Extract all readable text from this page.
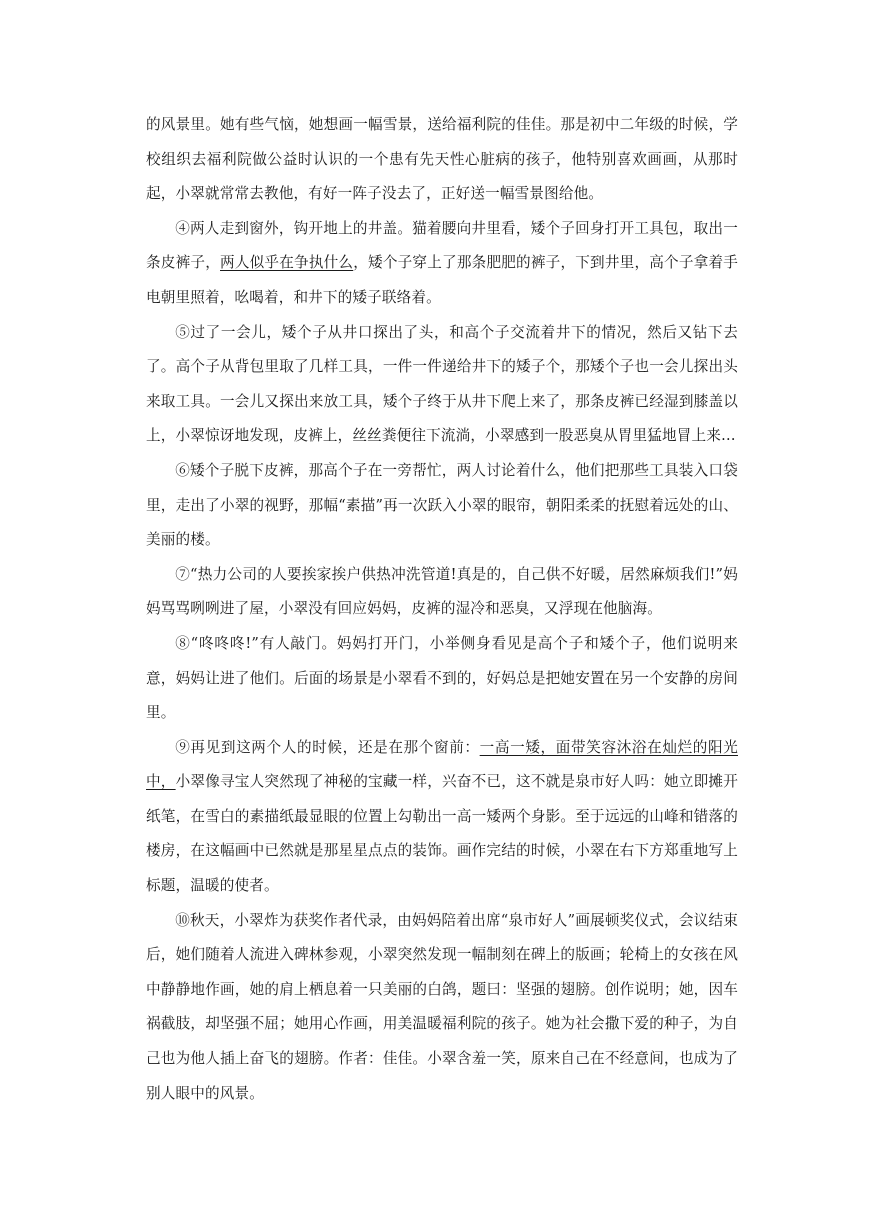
的风景里。她有些气恼，她想画一幅雪景，送给福利院的佳佳。那是初中二年级的时候，学校组织去福利院做公益时认识的一个患有先天性心脏病的孩子，他特别喜欢画画，从那时起，小翠就常常去教他，有好一阵子没去了，正好送一幅雪景图给他。

④两人走到窗外，钩开地上的井盖。猫着腰向井里看，矮个子回身打开工具包，取出一条皮裤子，两人似乎在争执什么，矮个子穿上了那条肥肥的裤子，下到井里，高个子拿着手电朝里照着，吆喝着，和井下的矮子联络着。

⑤过了一会儿，矮个子从井口探出了头，和高个子交流着井下的情况，然后又钻下去了。高个子从背包里取了几样工具，一件一件递给井下的矮子个，那矮个子也一会儿探出头来取工具。一会儿又探出来放工具，矮个子终于从井下爬上来了，那条皮裤已经湿到膝盖以上，小翠惊讶地发现，皮裤上，丝丝粪便往下流淌，小翠感到一股恶臭从胃里猛地冒上来…

⑥矮个子脱下皮裤，那高个子在一旁帮忙，两人讨论着什么，他们把那些工具装入口袋里，走出了小翠的视野，那幅“素描”再一次跃入小翠的眼帘，朝阳柔柔的抚慰着远处的山、美丽的楼。

⑦“热力公司的人要挨家挨户供热冲洗管道!真是的，自己供不好暖，居然麻烦我们!”妈妈骂骂咧咧进了屋，小翠没有回应妈妈，皮裤的湿冷和恶臭，又浮现在他脑海。

⑧“咚咚咚!”有人敲门。妈妈打开门，小举侧身看见是高个子和矮个子，他们说明来意，妈妈让进了他们。后面的场景是小翠看不到的，好妈总是把她安置在另一个安静的房间里。

⑨再见到这两个人的时候，还是在那个窗前：一高一矮，面带笑容沐浴在灿烂的阳光中，小翠像寻宝人突然现了神秘的宝藏一样，兴奋不已，这不就是泉市好人吗：她立即摊开纸笔，在雪白的素描纸最显眼的位置上勾勒出一高一矮两个身影。至于远远的山峰和错落的楼房，在这幅画中已然就是那星星点点的装饰。画作完结的时候，小翠在右下方郑重地写上标题，温暖的使者。

⑩秋天，小翠炸为获奖作者代录，由妈妈陪着出席“泉市好人”画展顿奖仪式，会议结束后，她们随着人流进入碑林参观，小翠突然发现一幅制刻在碑上的版画；轮椅上的女孩在风中静静地作画，她的肩上栖息着一只美丽的白鸽，题曰：坚强的翅膀。创作说明；她，因车祸截肢，却坚强不屈；她用心作画，用美温暖福利院的孩子。她为社会撒下爱的种子，为自己也为他人插上奋飞的翅膀。作者：佳佳。小翠含羞一笑，原来自己在不经意间，也成为了别人眼中的风景。
